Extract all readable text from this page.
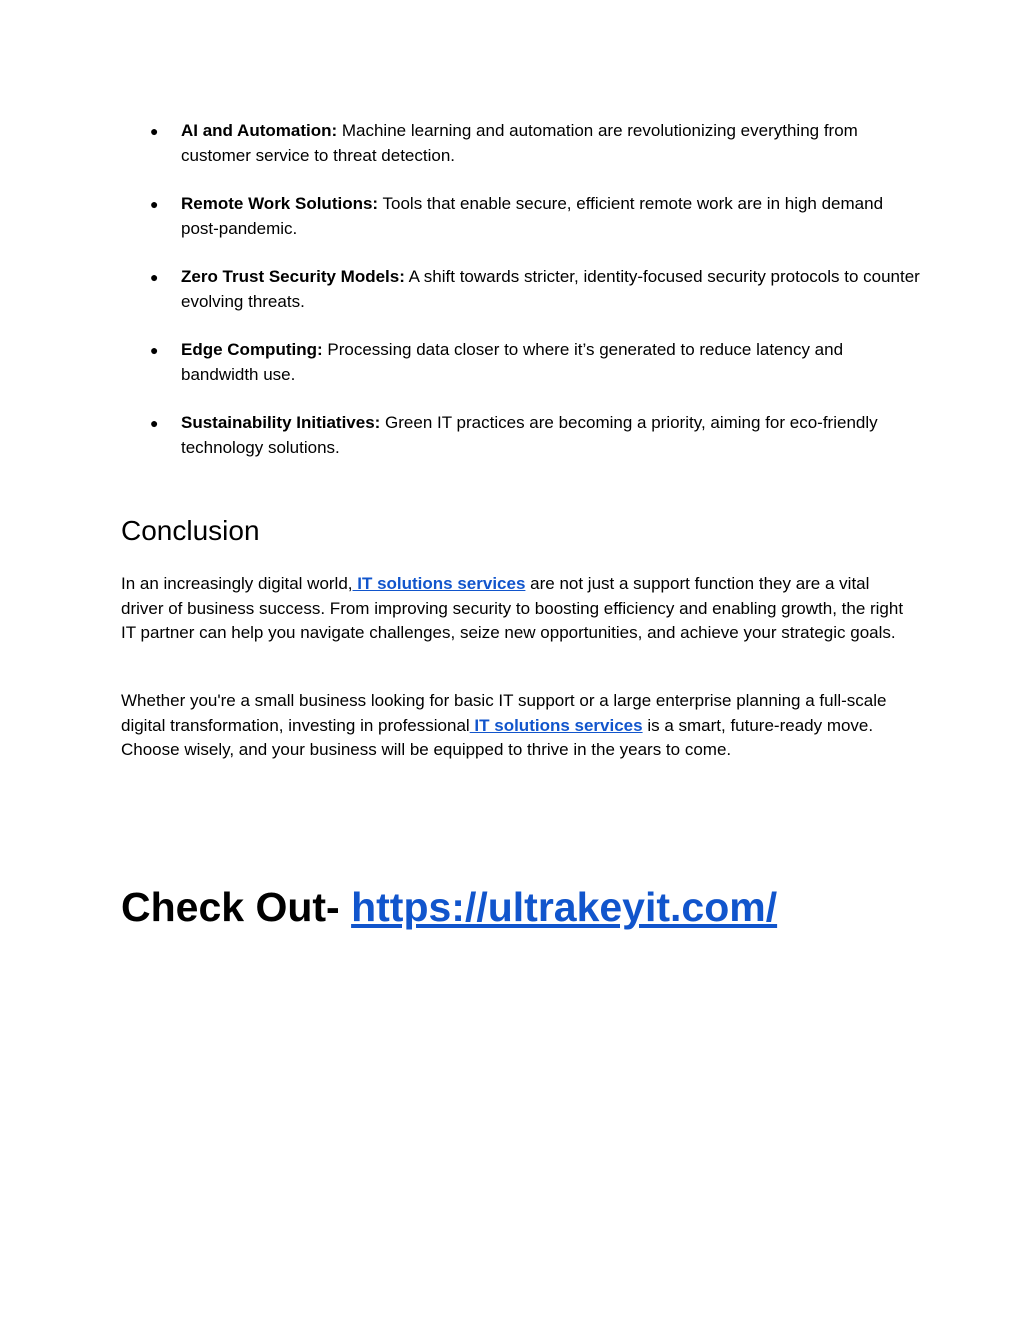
● AI and Automation: Machine learning and automation are revolutionizing everything from customer service to threat detection.
● Remote Work Solutions: Tools that enable secure, efficient remote work are in high demand post-pandemic.
● Zero Trust Security Models: A shift towards stricter, identity-focused security protocols to counter evolving threats.
● Edge Computing: Processing data closer to where it’s generated to reduce latency and bandwidth use.
● Sustainability Initiatives: Green IT practices are becoming a priority, aiming for eco-friendly technology solutions.
Conclusion

In an increasingly digital world, IT solutions services are not just a support function they are a vital driver of business success. From improving security to boosting efficiency and enabling growth, the right IT partner can help you navigate challenges, seize new opportunities, and achieve your strategic goals.

Whether you're a small business looking for basic IT support or a large enterprise planning a full-scale digital transformation, investing in professional IT solutions services is a smart, future-ready move. Choose wisely, and your business will be equipped to thrive in the years to come.

Check Out- https://ultrakeyit.com/
